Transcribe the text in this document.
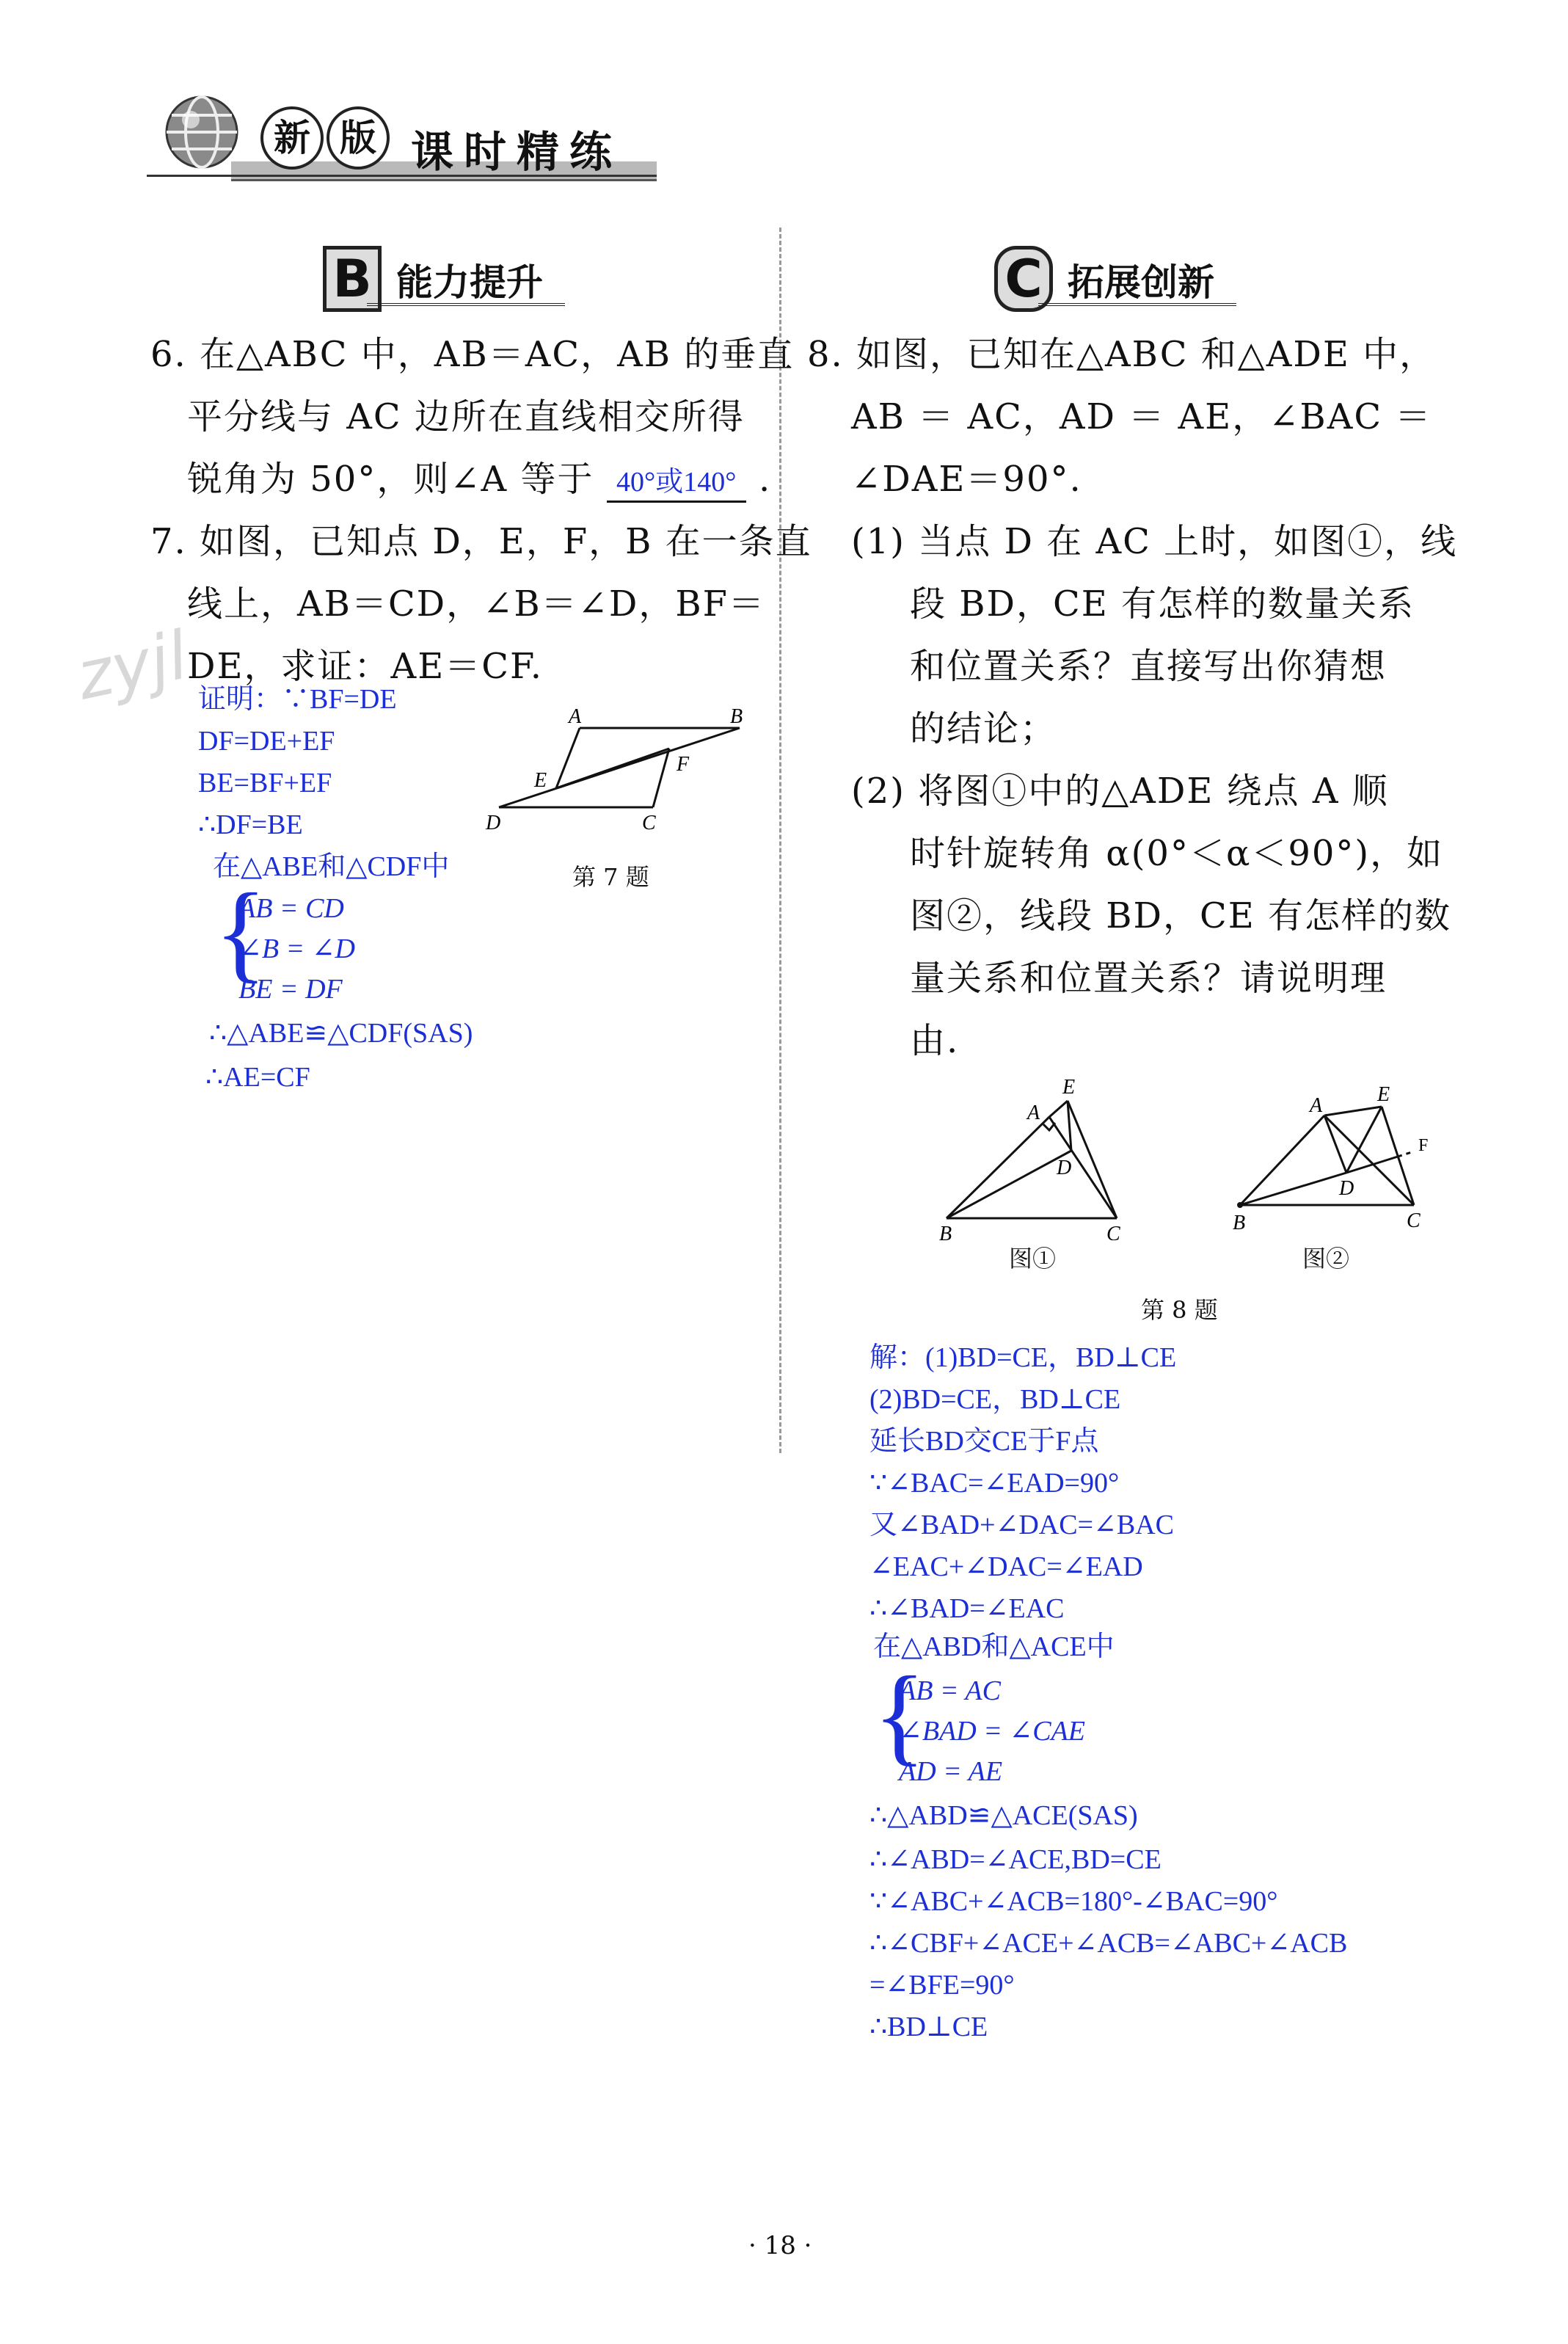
新 版 课时精练
B 能力提升	C 拓展创新
6. 在△ABC 中，AB＝AC，AB 的垂直
平分线与 AC 边所在直线相交所得
锐角为 50°，则∠A 等于 40°或140° .
7. 如图，已知点 D，E，F，B 在一条直
线上，AB＝CD，∠B＝∠D，BF＝
DE，求证：AE＝CF.
zyjl
A	B
E
F
D	C
第 7 题
证明：∵BF=DE
DF=DE+EF
BE=BF+EF
∴DF=BE
在△ABE和△CDF中
{
AB = CD
∠B = ∠D
BE = DF
∴△ABE≌△CDF(SAS)
∴AE=CF
8. 如图，已知在△ABC 和△ADE 中，
AB ＝ AC，AD ＝ AE，∠BAC ＝
∠DAE＝90°.
(1) 当点 D 在 AC 上时，如图①，线
段 BD，CE 有怎样的数量关系
和位置关系？直接写出你猜想
的结论；
(2) 将图①中的△ADE 绕点 A 顺
时针旋转角 α(0°＜α＜90°)，如
图②，线段 BD，CE 有怎样的数
量关系和位置关系？请说明理
由.
E
A
D
B	C
图①
A	E
F
D
B	C
图②
第 8 题
解：(1)BD=CE，BD⊥CE
(2)BD=CE，BD⊥CE
延长BD交CE于F点
∵∠BAC=∠EAD=90°
又∠BAD+∠DAC=∠BAC
∠EAC+∠DAC=∠EAD
∴∠BAD=∠EAC
在△ABD和△ACE中
{
AB = AC
∠BAD = ∠CAE
AD = AE
∴△ABD≌△ACE(SAS)
∴∠ABD=∠ACE,BD=CE
∵∠ABC+∠ACB=180°-∠BAC=90°
∴∠CBF+∠ACE+∠ACB=∠ABC+∠ACB
=∠BFE=90°
∴BD⊥CE
· 18 ·
